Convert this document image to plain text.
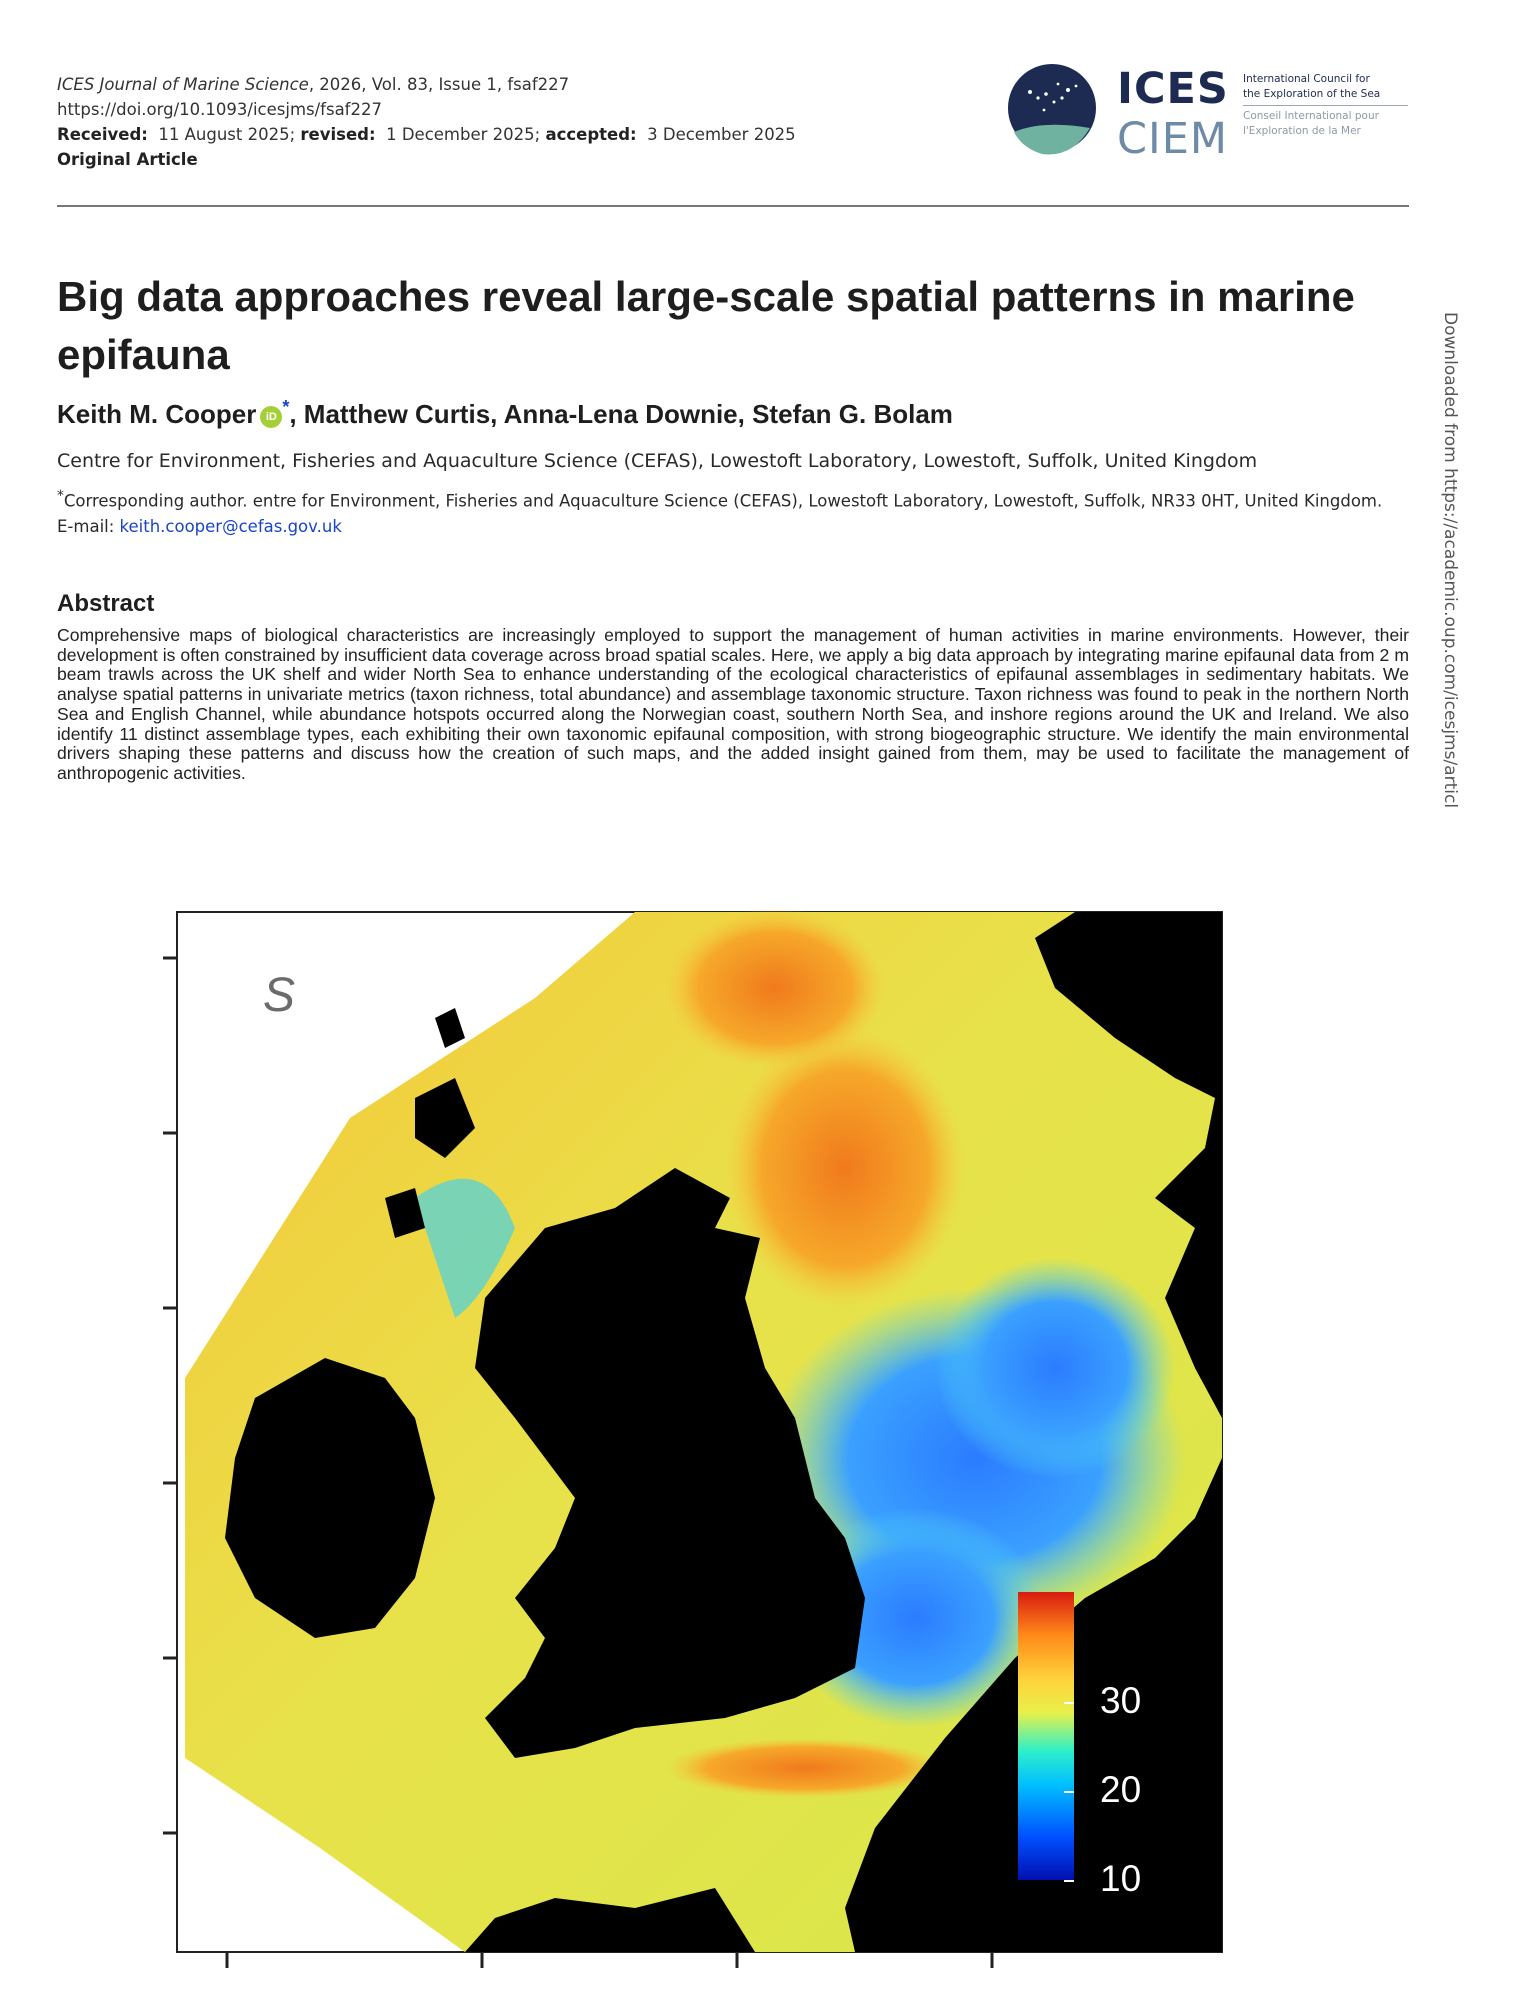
ICES Journal of Marine Science, 2026, Vol. 83, Issue 1, fsaf227
https://doi.org/10.1093/icesjms/fsaf227
Received: 11 August 2025; revised: 1 December 2025; accepted: 3 December 2025
Original Article
ICES
CIEM
International Council for
the Exploration of the Sea
Conseil International pour
l'Exploration de la Mer
Big data approaches reveal large-scale spatial patterns in marine epifauna
Keith M. Cooper iD *, Matthew Curtis, Anna-Lena Downie, Stefan G. Bolam
Centre for Environment, Fisheries and Aquaculture Science (CEFAS), Lowestoft Laboratory, Lowestoft, Suffolk, United Kingdom
*Corresponding author. entre for Environment, Fisheries and Aquaculture Science (CEFAS), Lowestoft Laboratory, Lowestoft, Suffolk, NR33 0HT, United Kingdom. E-mail: keith.cooper@cefas.gov.uk
Abstract

Comprehensive maps of biological characteristics are increasingly employed to support the management of human activities in marine environments. However, their development is often constrained by insufficient data coverage across broad spatial scales. Here, we apply a big data approach by integrating marine epifaunal data from 2 m beam trawls across the UK shelf and wider North Sea to enhance understanding of the ecological characteristics of epifaunal assemblages in sedimentary habitats. We analyse spatial patterns in univariate metrics (taxon richness, total abundance) and assemblage taxonomic structure. Taxon richness was found to peak in the northern North Sea and English Channel, while abundance hotspots occurred along the Norwegian coast, southern North Sea, and inshore regions around the UK and Ireland. We also identify 11 distinct assemblage types, each exhibiting their own taxonomic epifaunal composition, with strong biogeographic structure. We identify the main environmental drivers shaping these patterns and discuss how the creation of such maps, and the added insight gained from them, may be used to facilitate the management of anthropogenic activities.	Downloaded from https://academic.oup.com/icesjms/articl
S
30
20
10
